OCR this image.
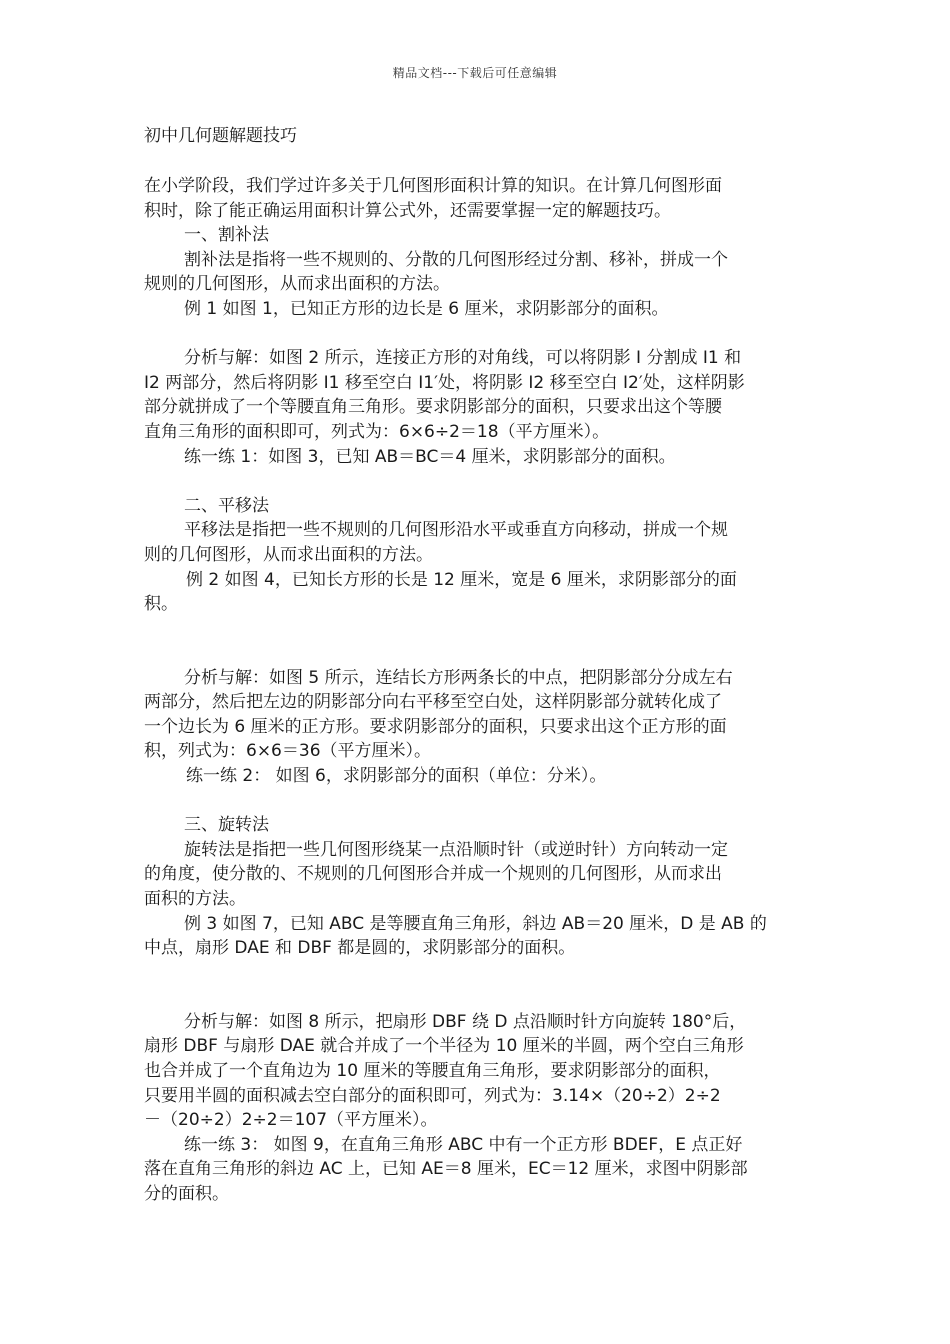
精品文档---下载后可任意编辑

初中几何题解题技巧

在小学阶段，我们学过许多关于几何图形面积计算的知识。在计算几何图形面

积时，除了能正确运用面积计算公式外，还需要掌握一定的解题技巧。

一、割补法

割补法是指将一些不规则的、分散的几何图形经过分割、移补，拼成一个

规则的几何图形，从而求出面积的方法。

例 1 如图 1，已知正方形的边长是 6 厘米，求阴影部分的面积。

分析与解：如图 2 所示，连接正方形的对角线，可以将阴影 I 分割成 I1 和

I2 两部分，然后将阴影 I1 移至空白 I1′处，将阴影 I2 移至空白 I2′处，这样阴影

部分就拼成了一个等腰直角三角形。要求阴影部分的面积，只要求出这个等腰

直角三角形的面积即可，列式为：6×6÷2＝18（平方厘米）。

练一练 1：如图 3，已知 AB＝BC＝4 厘米，求阴影部分的面积。

二、平移法

平移法是指把一些不规则的几何图形沿水平或垂直方向移动，拼成一个规

则的几何图形，从而求出面积的方法。

例 2 如图 4，已知长方形的长是 12 厘米，宽是 6 厘米，求阴影部分的面

积。

分析与解：如图 5 所示，连结长方形两条长的中点，把阴影部分分成左右

两部分，然后把左边的阴影部分向右平移至空白处，这样阴影部分就转化成了

一个边长为 6 厘米的正方形。要求阴影部分的面积，只要求出这个正方形的面

积，列式为：6×6＝36（平方厘米）。

练一练 2： 如图 6，求阴影部分的面积（单位：分米）。

三、旋转法

旋转法是指把一些几何图形绕某一点沿顺时针（或逆时针）方向转动一定

的角度，使分散的、不规则的几何图形合并成一个规则的几何图形，从而求出

面积的方法。

例 3 如图 7，已知 ABC 是等腰直角三角形，斜边 AB＝20 厘米，D 是 AB 的

中点，扇形 DAE 和 DBF 都是圆的，求阴影部分的面积。

分析与解：如图 8 所示，把扇形 DBF 绕 D 点沿顺时针方向旋转 180°后，

扇形 DBF 与扇形 DAE 就合并成了一个半径为 10 厘米的半圆，两个空白三角形

也合并成了一个直角边为 10 厘米的等腰直角三角形，要求阴影部分的面积，

只要用半圆的面积减去空白部分的面积即可，列式为：3.14×（20÷2）2÷2

－（20÷2）2÷2＝107（平方厘米）。

练一练 3： 如图 9，在直角三角形 ABC 中有一个正方形 BDEF，E 点正好

落在直角三角形的斜边 AC 上，已知 AE＝8 厘米，EC＝12 厘米，求图中阴影部

分的面积。
